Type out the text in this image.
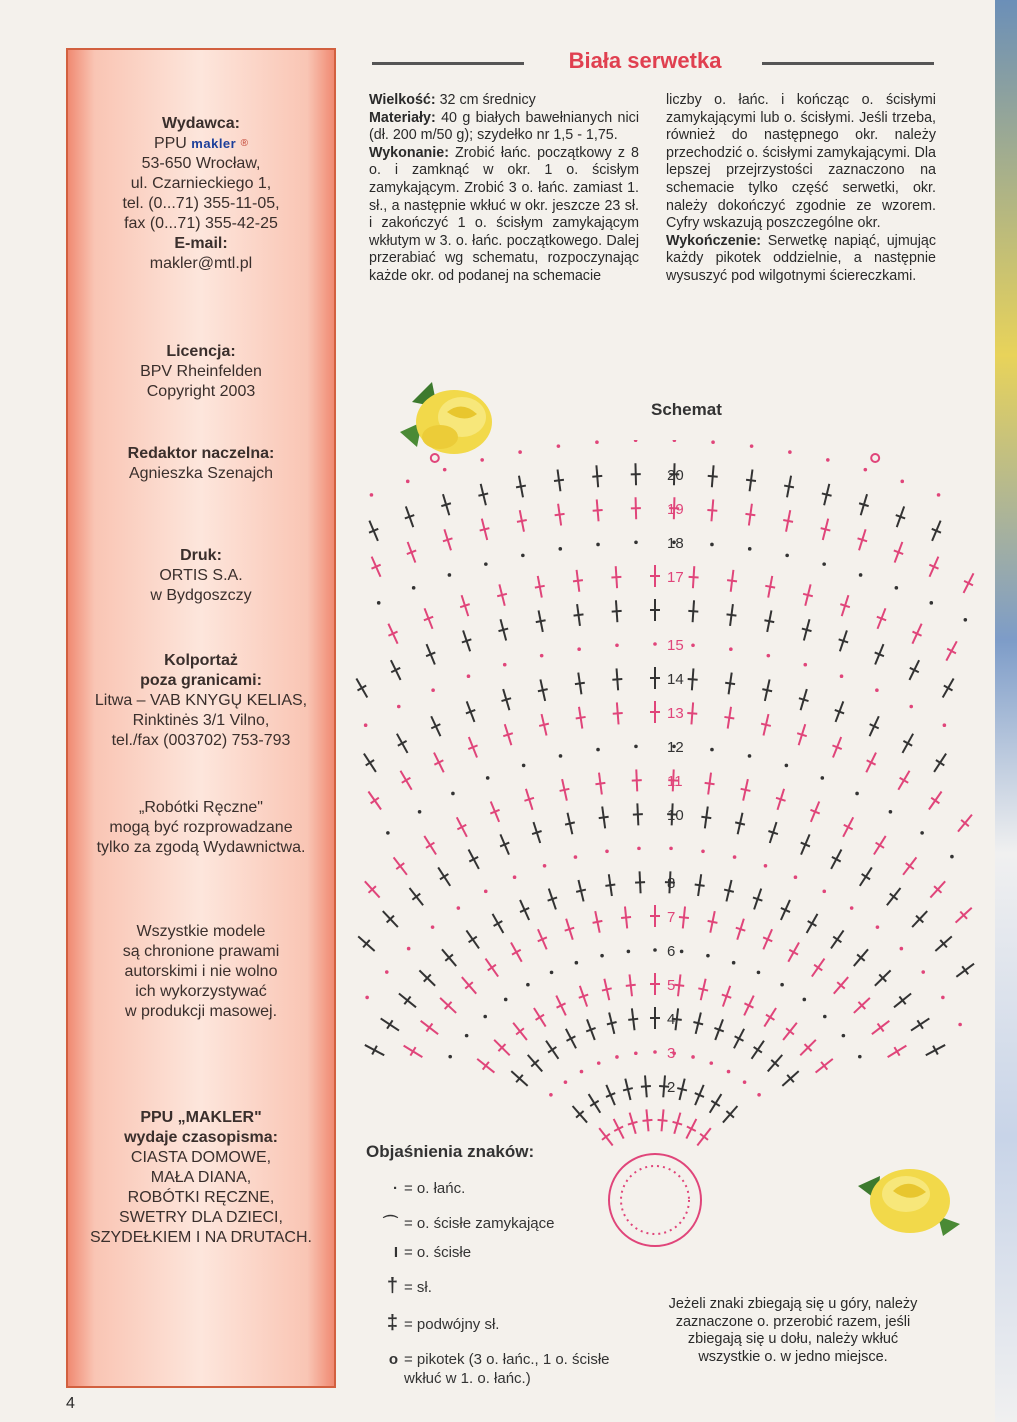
Wydawca:
PPU makler ®
53-650 Wrocław,
ul. Czarnieckiego 1,
tel. (0...71) 355-11-05,
fax (0...71) 355-42-25
E-mail:
makler@mtl.pl
Licencja:
BPV Rheinfelden
Copyright 2003
Redaktor naczelna:
Agnieszka Szenajch
Druk:
ORTIS S.A.
w Bydgoszczy
Kolportaż
poza granicami:
Litwa – VAB KNYGŲ KELIAS,
Rinktinės 3/1 Vilno,
tel./fax (003702) 753-793
„Robótki Ręczne"
mogą być rozprowadzane
tylko za zgodą Wydawnictwa.
Wszystkie modele
są chronione prawami
autorskimi i nie wolno
ich wykorzystywać
w produkcji masowej.
PPU „MAKLER"
wydaje czasopisma:
CIASTA DOMOWE,
MAŁA DIANA,
ROBÓTKI RĘCZNE,
SWETRY DLA DZIECI,
SZYDEŁKIEM I NA DRUTACH.
4
Biała serwetka
Wielkość: 32 cm średnicy
Materiały: 40 g białych bawełnianych nici (dł. 200 m/50 g); szydełko nr 1,5 - 1,75.
Wykonanie: Zrobić łańc. początkowy z 8 o. i zamknąć w okr. 1 o. ścisłym zamykającym. Zrobić 3 o. łańc. zamiast 1. sł., a następnie wkłuć w okr. jeszcze 23 sł. i zakończyć 1 o. ścisłym zamykającym wkłutym w 3. o. łańc. początkowego. Dalej przerabiać wg schematu, rozpoczynając każde okr. od podanej na schemacie
liczby o. łańc. i kończąc o. ścisłymi zamykającymi lub o. ścisłymi. Jeśli trzeba, również do następnego okr. należy przechodzić o. ścisłymi zamykającymi. Dla lepszej przejrzystości zaznaczono na schemacie tylko część serwetki, okr. należy dokończyć zgodnie ze wzorem. Cyfry wskazują poszczególne okr.
Wykończenie: Serwetkę napiąć, ujmując każdy pikotek oddzielnie, a następnie wysuszyć pod wilgotnymi ściereczkami.
Schemat
2
3
4
5
6
7
8
10
11
12
13
14
15
17
18
19
20
Objaśnienia znaków:
· = o. łańc.
⌒ = o. ścisłe zamykające
I = o. ścisłe
† = sł.
‡ = podwójny sł.
o = pikotek (3 o. łańc., 1 o. ścisłe
wkłuć w 1. o. łańc.)
Jeżeli znaki zbiegają się u góry, należy zaznaczone o. przerobić razem, jeśli zbiegają się u dołu, należy wkłuć wszystkie o. w jedno miejsce.
